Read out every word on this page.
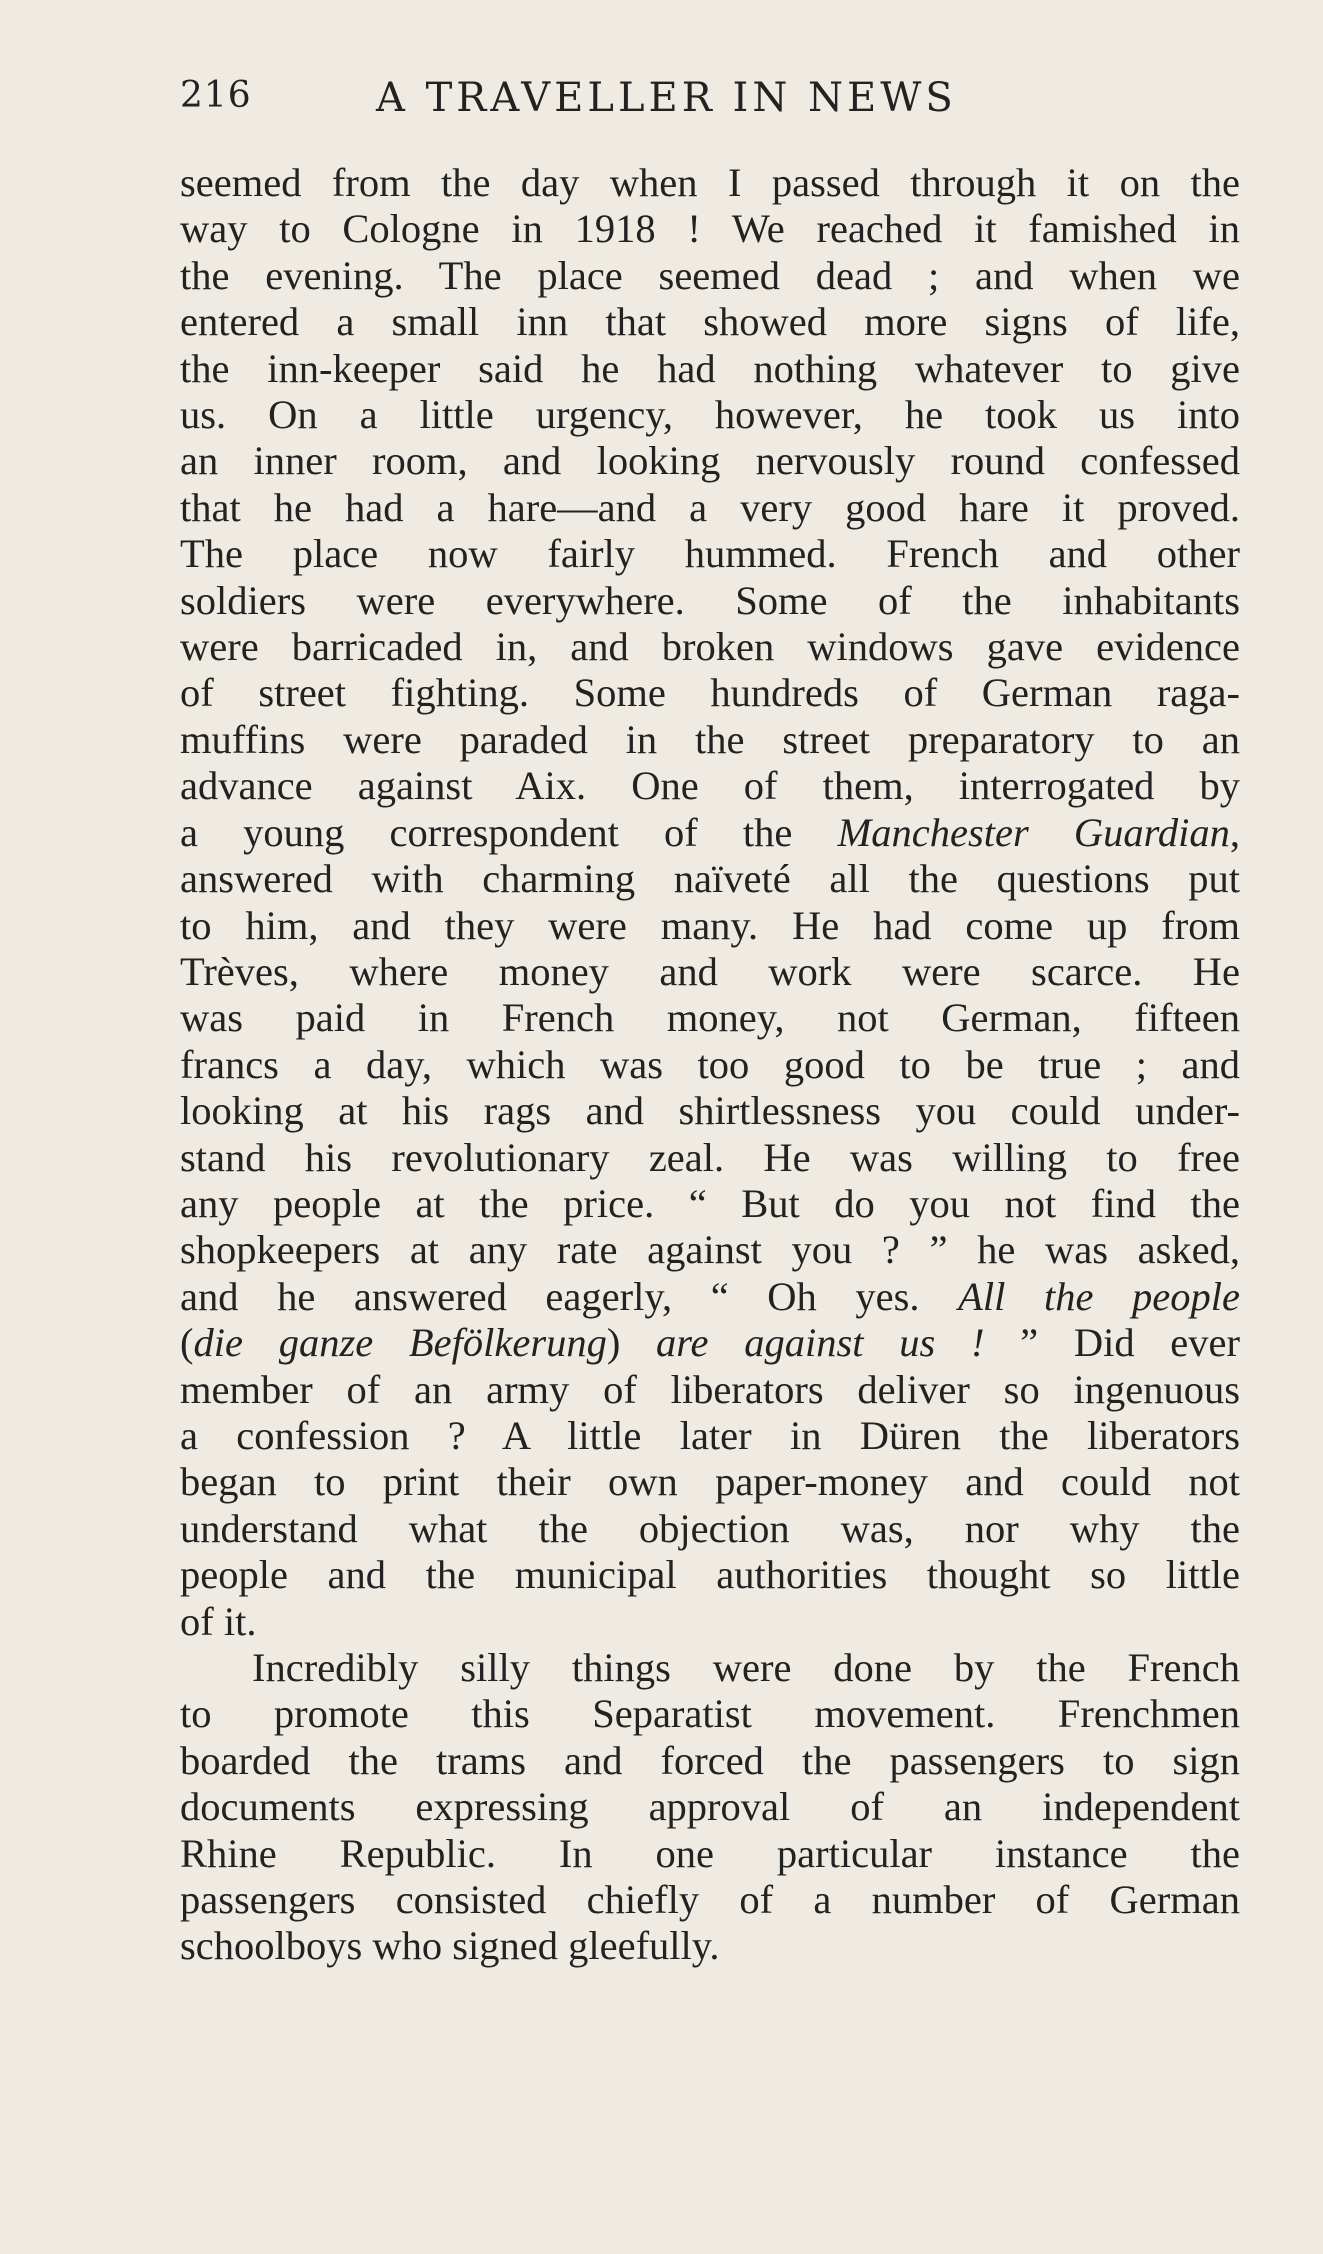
216	A TRAVELLER IN NEWS
seemed from the day when I passed through it on the
way to Cologne in 1918 ! We reached it famished in
the evening. The place seemed dead ; and when we
entered a small inn that showed more signs of life,
the inn-keeper said he had nothing whatever to give
us. On a little urgency, however, he took us into
an inner room, and looking nervously round confessed
that he had a hare—and a very good hare it proved.
The place now fairly hummed. French and other
soldiers were everywhere. Some of the inhabitants
were barricaded in, and broken windows gave evidence
of street fighting. Some hundreds of German raga-
muffins were paraded in the street preparatory to an
advance against Aix. One of them, interrogated by
a young correspondent of the Manchester Guardian,
answered with charming naïveté all the questions put
to him, and they were many. He had come up from
Trèves, where money and work were scarce. He
was paid in French money, not German, fifteen
francs a day, which was too good to be true ; and
looking at his rags and shirtlessness you could under-
stand his revolutionary zeal. He was willing to free
any people at the price. “ But do you not find the
shopkeepers at any rate against you ? ” he was asked,
and he answered eagerly, “ Oh yes. All the people
(die ganze Befölkerung) are against us ! ” Did ever
member of an army of liberators deliver so ingenuous
a confession ? A little later in Düren the liberators
began to print their own paper-money and could not
understand what the objection was, nor why the
people and the municipal authorities thought so little
of it.
Incredibly silly things were done by the French
to promote this Separatist movement. Frenchmen
boarded the trams and forced the passengers to sign
documents expressing approval of an independent
Rhine Republic. In one particular instance the
passengers consisted chiefly of a number of German
schoolboys who signed gleefully.
